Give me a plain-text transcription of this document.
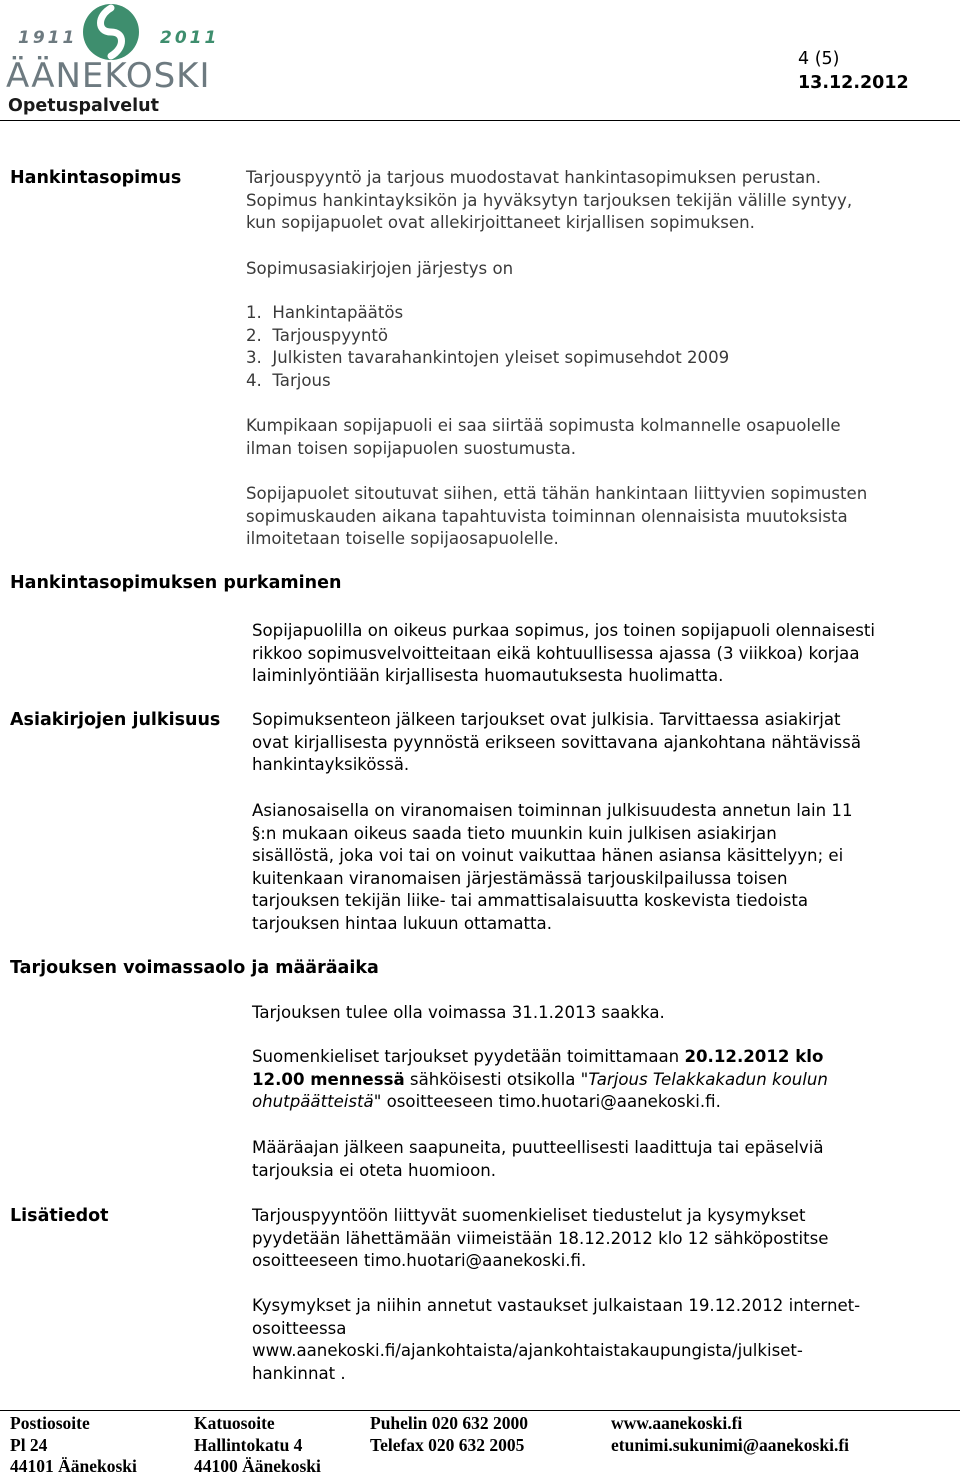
1911	2011
ÄÄNEKOSKI
Opetuspalvelut
4 (5)
13.12.2012
Hankintasopimus	Tarjouspyyntö ja tarjous muodostavat hankintasopimuksen perustan.
Sopimus hankintayksikön ja hyväksytyn tarjouksen tekijän välille syntyy,
kun sopijapuolet ovat allekirjoittaneet kirjallisen sopimuksen.
Sopimusasiakirjojen järjestys on
1.  Hankintapäätös
2.  Tarjouspyyntö
3.  Julkisten tavarahankintojen yleiset sopimusehdot 2009
4.  Tarjous
Kumpikaan sopijapuoli ei saa siirtää sopimusta kolmannelle osapuolelle
ilman toisen sopijapuolen suostumusta.
Sopijapuolet sitoutuvat siihen, että tähän hankintaan liittyvien sopimusten
sopimuskauden aikana tapahtuvista toiminnan olennaisista muutoksista
ilmoitetaan toiselle sopijaosapuolelle.
Hankintasopimuksen purkaminen
Sopijapuolilla on oikeus purkaa sopimus, jos toinen sopijapuoli olennaisesti
rikkoo sopimusvelvoitteitaan eikä kohtuullisessa ajassa (3 viikkoa) korjaa
laiminlyöntiään kirjallisesta huomautuksesta huolimatta.
Asiakirjojen julkisuus Sopimuksenteon jälkeen tarjoukset ovat julkisia. Tarvittaessa asiakirjat
ovat kirjallisesta pyynnöstä erikseen sovittavana ajankohtana nähtävissä
hankintayksikössä.
Asianosaisella on viranomaisen toiminnan julkisuudesta annetun lain 11
§:n mukaan oikeus saada tieto muunkin kuin julkisen asiakirjan
sisällöstä, joka voi tai on voinut vaikuttaa hänen asiansa käsittelyyn; ei
kuitenkaan viranomaisen järjestämässä tarjouskilpailussa toisen
tarjouksen tekijän liike- tai ammattisalaisuutta koskevista tiedoista
tarjouksen hintaa lukuun ottamatta.
Tarjouksen voimassaolo ja määräaika
Tarjouksen tulee olla voimassa 31.1.2013 saakka.
Suomenkieliset tarjoukset pyydetään toimittamaan 20.12.2012 klo
12.00 mennessä sähköisesti otsikolla "Tarjous Telakkakadun koulun
ohutpäätteistä" osoitteeseen timo.huotari@aanekoski.fi.
Määräajan jälkeen saapuneita, puutteellisesti laadittuja tai epäselviä
tarjouksia ei oteta huomioon.
Lisätiedot	Tarjouspyyntöön liittyvät suomenkieliset tiedustelut ja kysymykset
pyydetään lähettämään viimeistään 18.12.2012 klo 12 sähköpostitse
osoitteeseen timo.huotari@aanekoski.fi.
Kysymykset ja niihin annetut vastaukset julkaistaan 19.12.2012 internet-
osoitteessa
www.aanekoski.fi/ajankohtaista/ajankohtaistakaupungista/julkiset-
hankinnat .
Postiosoite
Pl 24
44101 Äänekoski
Katuosoite
Hallintokatu 4
44100 Äänekoski
Puhelin 020 632 2000
Telefax 020 632 2005
www.aanekoski.fi
etunimi.sukunimi@aanekoski.fi
